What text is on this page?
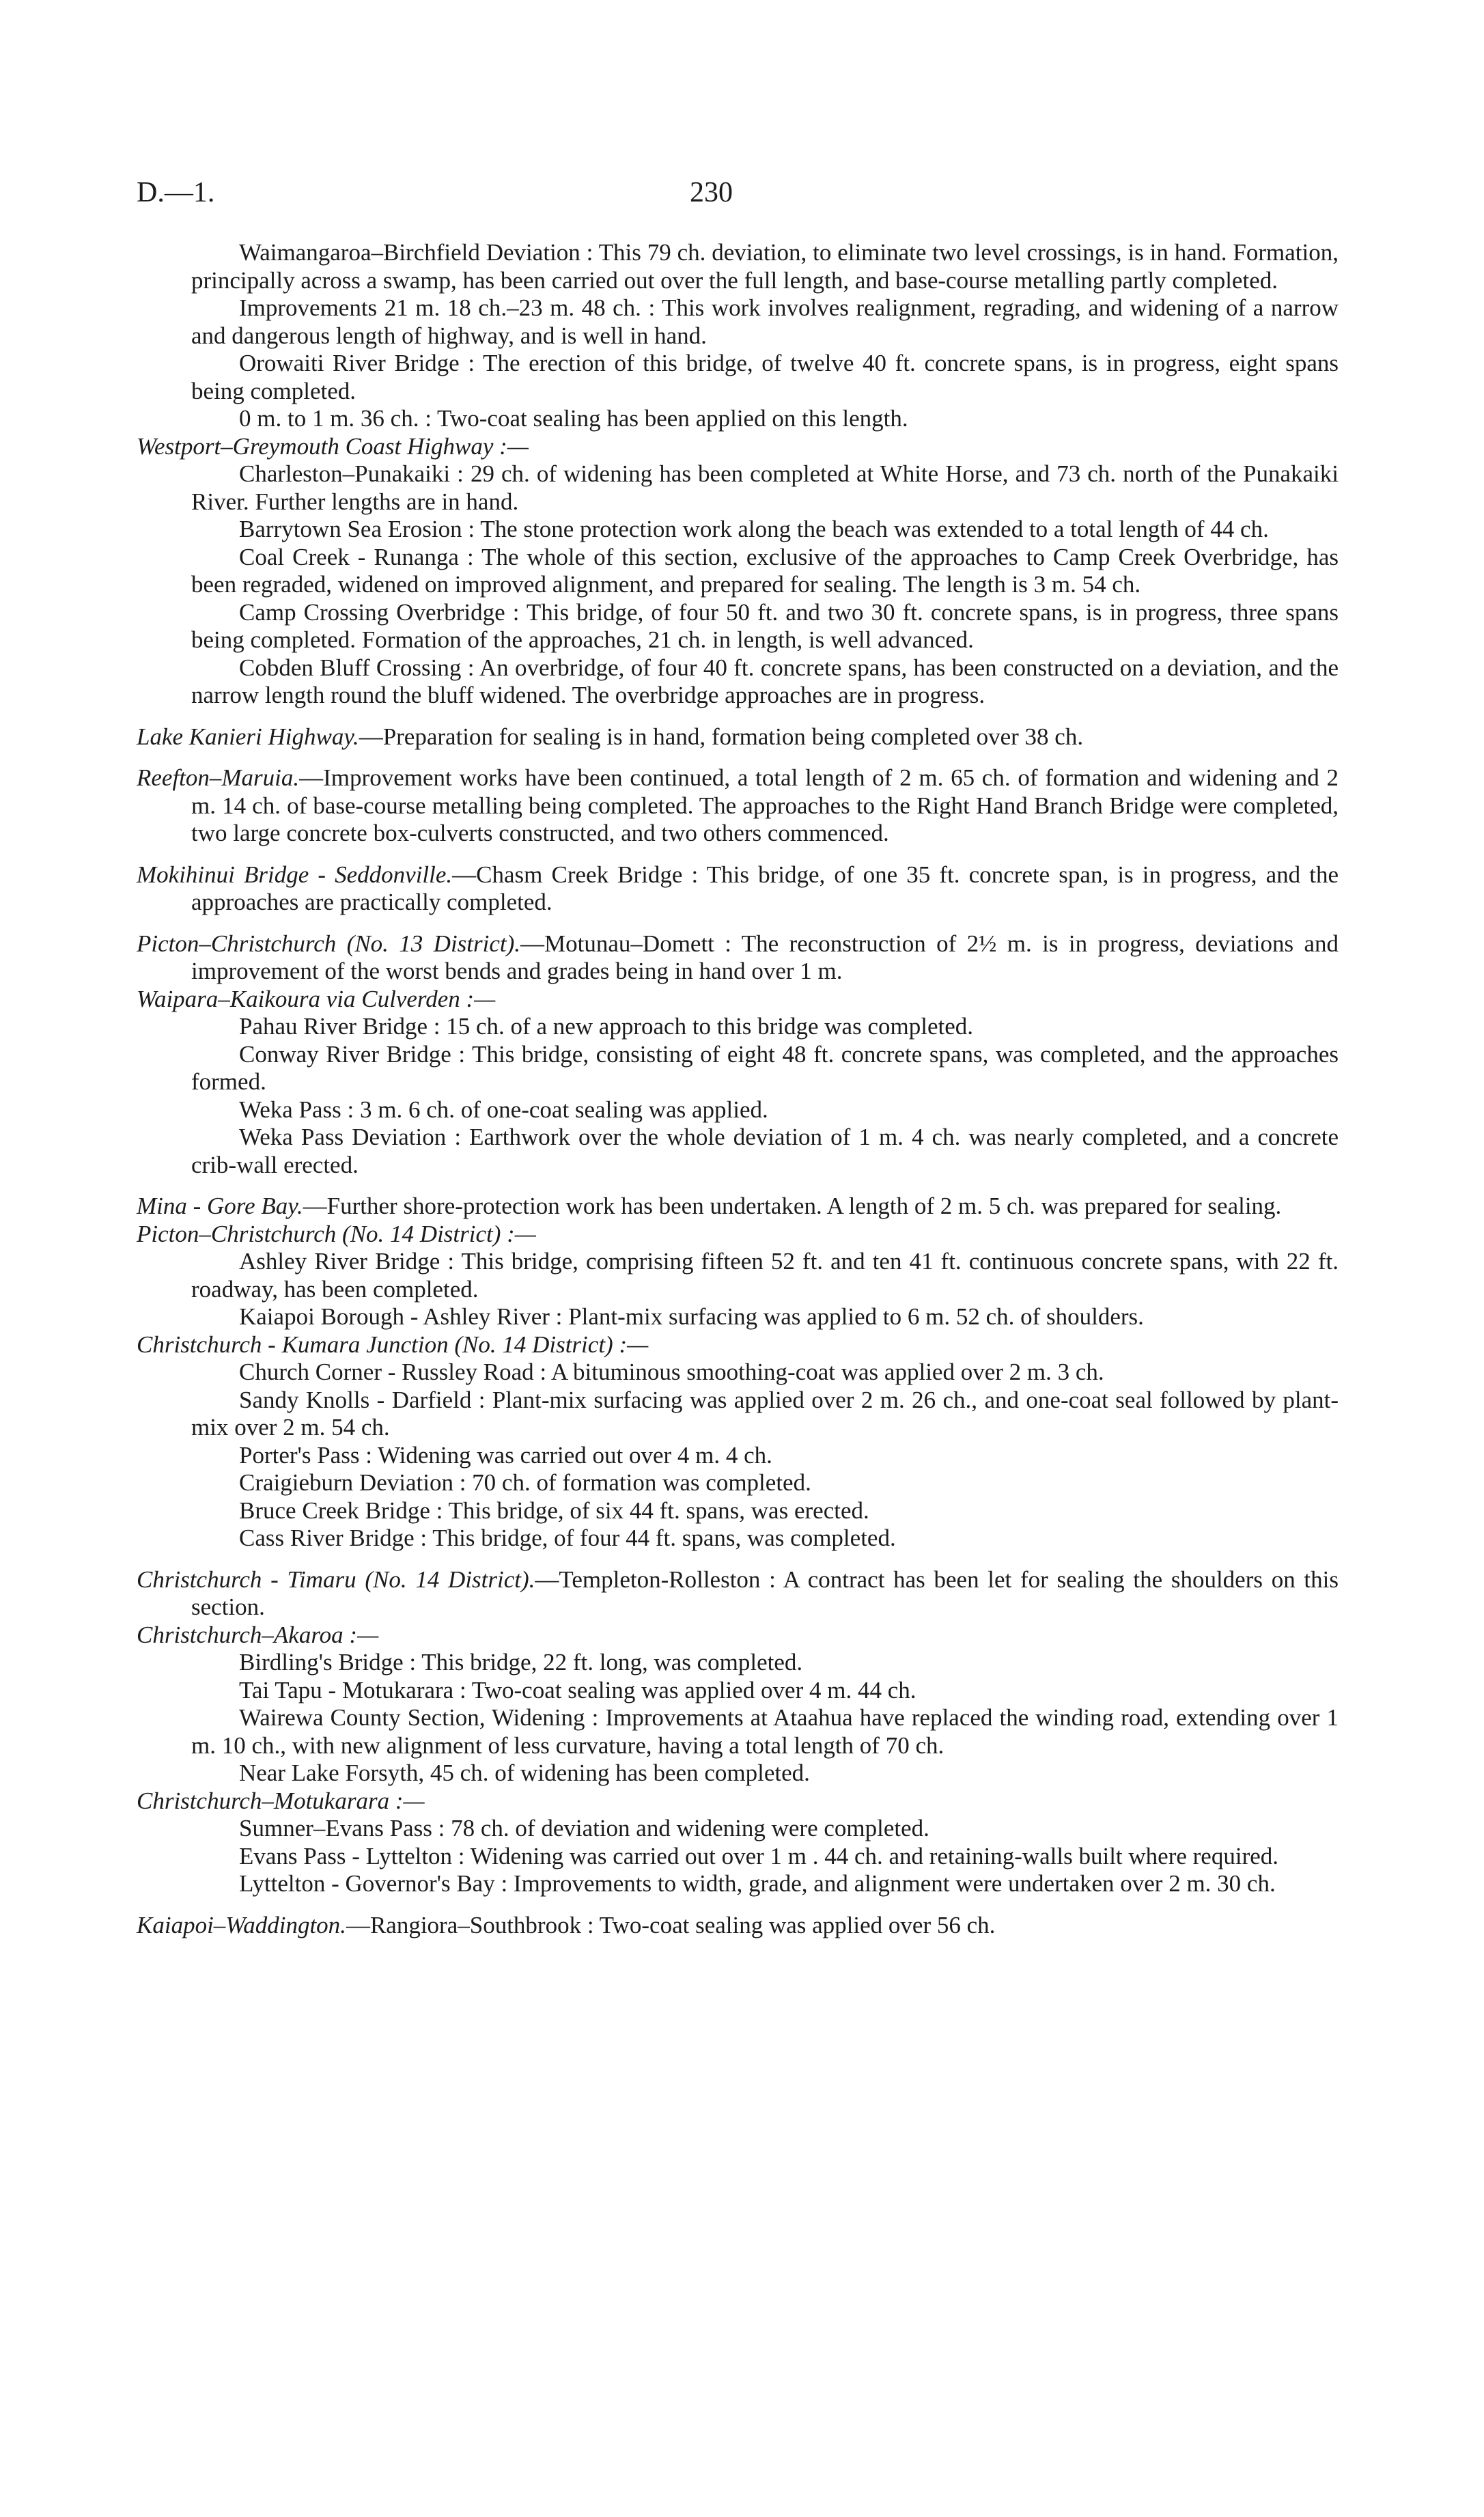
D.—1.	230

Waimangaroa–Birchfield Deviation : This 79 ch. deviation, to eliminate two level crossings, is in hand. Formation, principally across a swamp, has been carried out over the full length, and base-course metalling partly completed.

Improvements 21 m. 18 ch.–23 m. 48 ch. : This work involves realignment, regrading, and widening of a narrow and dangerous length of highway, and is well in hand.

Orowaiti River Bridge : The erection of this bridge, of twelve 40 ft. concrete spans, is in progress, eight spans being completed.

0 m. to 1 m. 36 ch. : Two-coat sealing has been applied on this length.

Westport–Greymouth Coast Highway :—

Charleston–Punakaiki : 29 ch. of widening has been completed at White Horse, and 73 ch. north of the Punakaiki River. Further lengths are in hand.

Barrytown Sea Erosion : The stone protection work along the beach was extended to a total length of 44 ch.

Coal Creek - Runanga : The whole of this section, exclusive of the approaches to Camp Creek Overbridge, has been regraded, widened on improved alignment, and prepared for sealing. The length is 3 m. 54 ch.

Camp Crossing Overbridge : This bridge, of four 50 ft. and two 30 ft. concrete spans, is in progress, three spans being completed. Formation of the approaches, 21 ch. in length, is well advanced.

Cobden Bluff Crossing : An overbridge, of four 40 ft. concrete spans, has been constructed on a deviation, and the narrow length round the bluff widened. The overbridge approaches are in progress.

Lake Kanieri Highway.—Preparation for sealing is in hand, formation being completed over 38 ch.

Reefton–Maruia.—Improvement works have been continued, a total length of 2 m. 65 ch. of formation and widening and 2 m. 14 ch. of base-course metalling being completed. The approaches to the Right Hand Branch Bridge were completed, two large concrete box-culverts constructed, and two others commenced.

Mokihinui Bridge - Seddonville.—Chasm Creek Bridge : This bridge, of one 35 ft. concrete span, is in progress, and the approaches are practically completed.

Picton–Christchurch (No. 13 District).—Motunau–Domett : The reconstruction of 2½ m. is in progress, deviations and improvement of the worst bends and grades being in hand over 1 m.

Waipara–Kaikoura via Culverden :—

Pahau River Bridge : 15 ch. of a new approach to this bridge was completed.

Conway River Bridge : This bridge, consisting of eight 48 ft. concrete spans, was completed, and the approaches formed.

Weka Pass : 3 m. 6 ch. of one-coat sealing was applied.

Weka Pass Deviation : Earthwork over the whole deviation of 1 m. 4 ch. was nearly completed, and a concrete crib-wall erected.

Mina - Gore Bay.—Further shore-protection work has been undertaken. A length of 2 m. 5 ch. was prepared for sealing.

Picton–Christchurch (No. 14 District) :—

Ashley River Bridge : This bridge, comprising fifteen 52 ft. and ten 41 ft. continuous concrete spans, with 22 ft. roadway, has been completed.

Kaiapoi Borough - Ashley River : Plant-mix surfacing was applied to 6 m. 52 ch. of shoulders.

Christchurch - Kumara Junction (No. 14 District) :—

Church Corner - Russley Road : A bituminous smoothing-coat was applied over 2 m. 3 ch.

Sandy Knolls - Darfield : Plant-mix surfacing was applied over 2 m. 26 ch., and one-coat seal followed by plant-mix over 2 m. 54 ch.

Porter's Pass : Widening was carried out over 4 m. 4 ch.

Craigieburn Deviation : 70 ch. of formation was completed.

Bruce Creek Bridge : This bridge, of six 44 ft. spans, was erected.

Cass River Bridge : This bridge, of four 44 ft. spans, was completed.

Christchurch - Timaru (No. 14 District).—Templeton-Rolleston : A contract has been let for sealing the shoulders on this section.

Christchurch–Akaroa :—

Birdling's Bridge : This bridge, 22 ft. long, was completed.

Tai Tapu - Motukarara : Two-coat sealing was applied over 4 m. 44 ch.

Wairewa County Section, Widening : Improvements at Ataahua have replaced the winding road, extending over 1 m. 10 ch., with new alignment of less curvature, having a total length of 70 ch.

Near Lake Forsyth, 45 ch. of widening has been completed.

Christchurch–Motukarara :—

Sumner–Evans Pass : 78 ch. of deviation and widening were completed.

Evans Pass - Lyttelton : Widening was carried out over 1 m . 44 ch. and retaining-walls built where required.

Lyttelton - Governor's Bay : Improvements to width, grade, and alignment were undertaken over 2 m. 30 ch.

Kaiapoi–Waddington.—Rangiora–Southbrook : Two-coat sealing was applied over 56 ch.
